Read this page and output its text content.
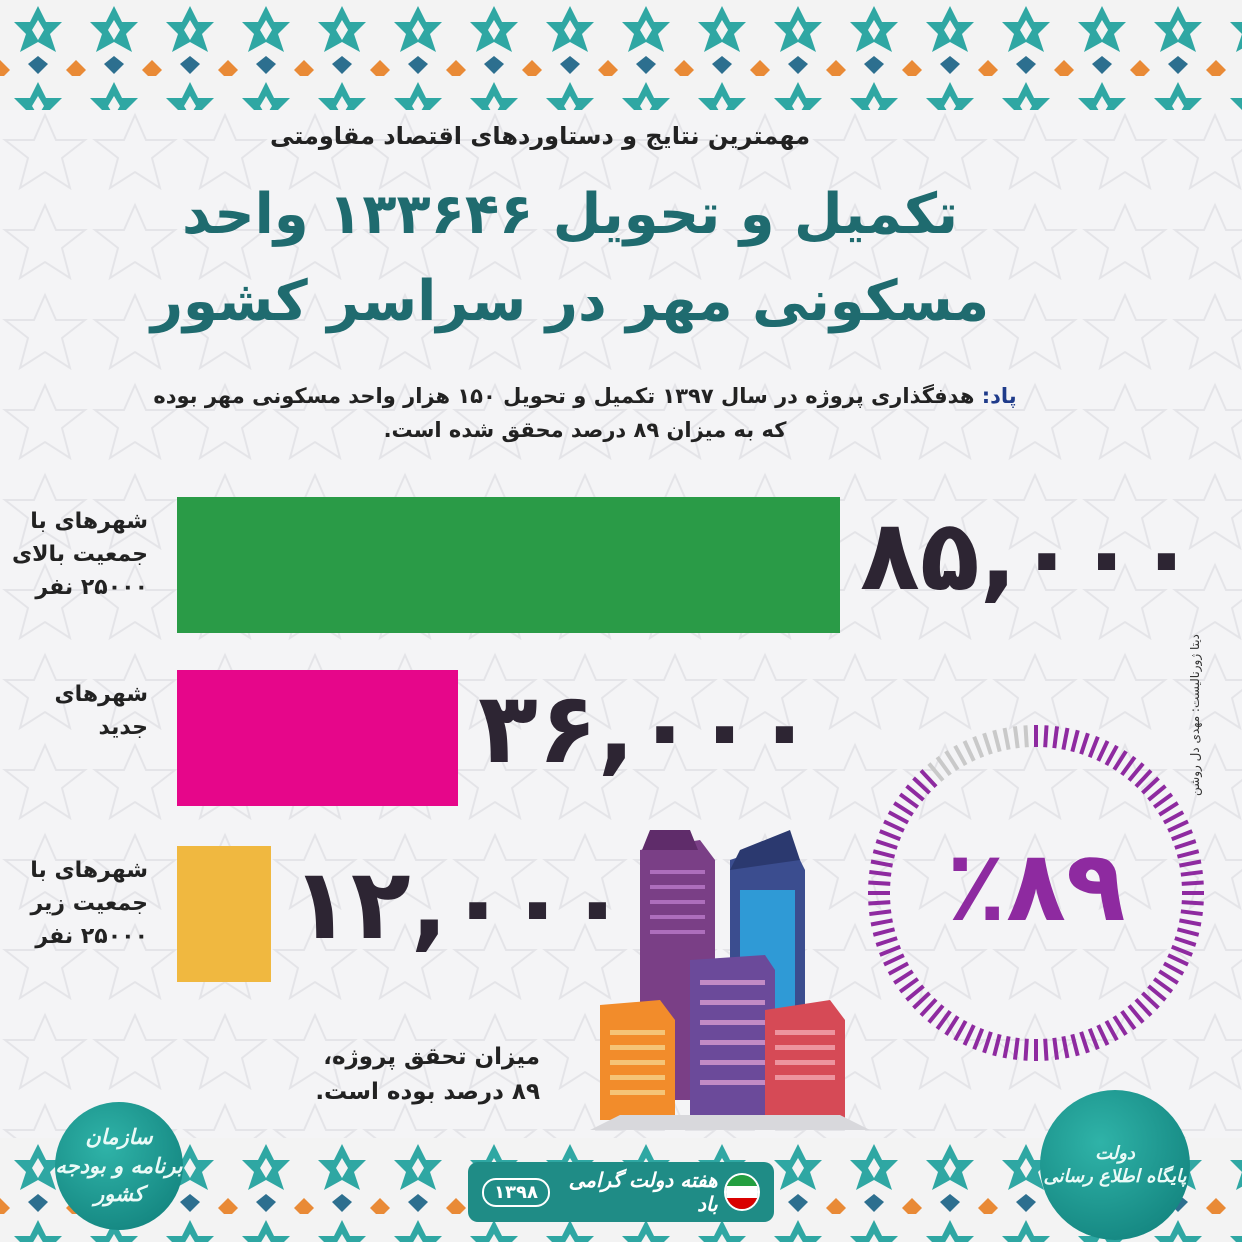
مهمترین نتایج و دستاوردهای اقتصاد مقاومتی
تکمیل و تحویل ۱۳۳۶۴۶ واحد
مسکونی مهر در سراسر کشور
پاد: هدفگذاری پروژه در سال ۱۳۹۷ تکمیل و تحویل ۱۵۰ هزار واحد مسکونی مهر بوده که به میزان ۸۹ درصد محقق شده است.
دیتا ژورنالیست: مهدی دل روشن
شهرهای با
جمعیت بالای
۲۵۰۰۰ نفر	۸۵,۰۰۰
شهرهای
جدید	۳۶,۰۰۰
شهرهای با
جمعیت زیر
۲۵۰۰۰ نفر	۱۲,۰۰۰	٪۸۹
میزان تحقق پروژه،
۸۹ درصد بوده است.
سازمان
برنامه و بودجه
کشور
دولت
پایگاه اطلاع رسانی
هفته دولت گرامی باد
۱۳۹۸
